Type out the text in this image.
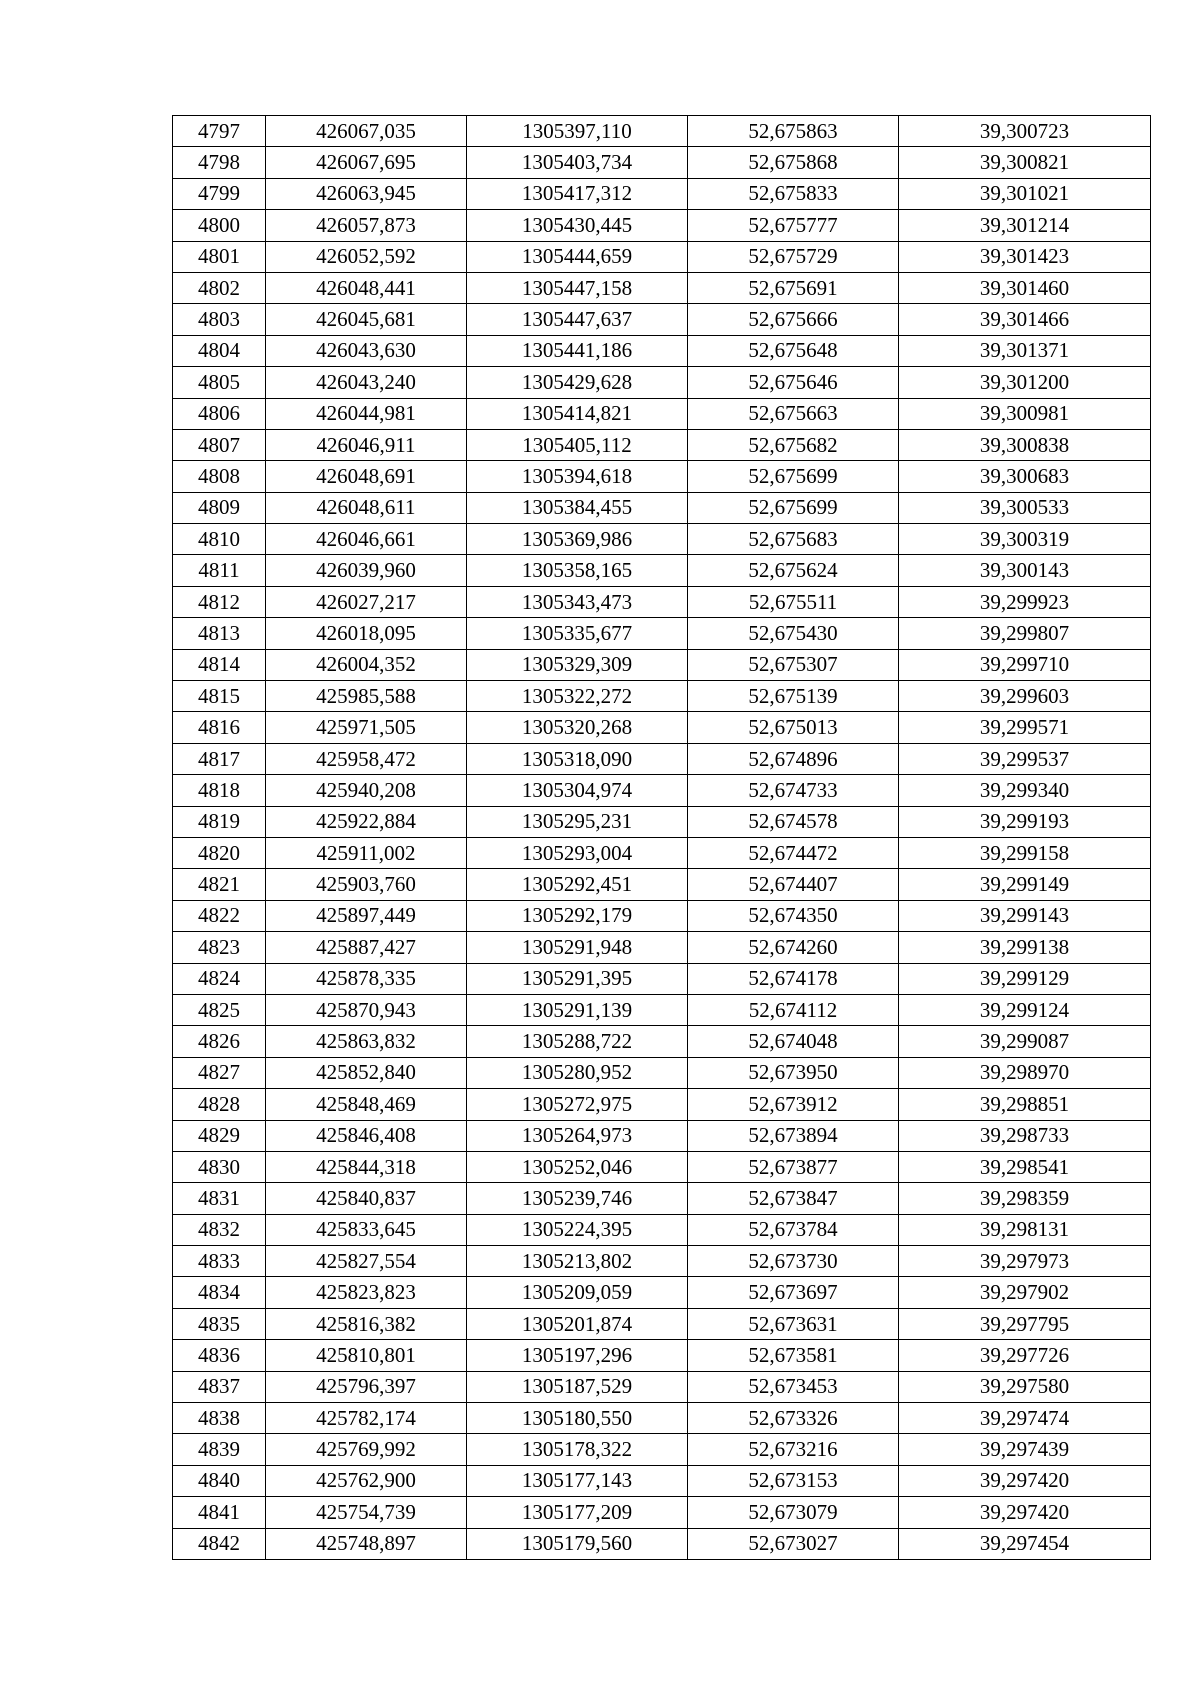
4797	426067,035	1305397,110	52,675863	39,300723
4798	426067,695	1305403,734	52,675868	39,300821
4799	426063,945	1305417,312	52,675833	39,301021
4800	426057,873	1305430,445	52,675777	39,301214
4801	426052,592	1305444,659	52,675729	39,301423
4802	426048,441	1305447,158	52,675691	39,301460
4803	426045,681	1305447,637	52,675666	39,301466
4804	426043,630	1305441,186	52,675648	39,301371
4805	426043,240	1305429,628	52,675646	39,301200
4806	426044,981	1305414,821	52,675663	39,300981
4807	426046,911	1305405,112	52,675682	39,300838
4808	426048,691	1305394,618	52,675699	39,300683
4809	426048,611	1305384,455	52,675699	39,300533
4810	426046,661	1305369,986	52,675683	39,300319
4811	426039,960	1305358,165	52,675624	39,300143
4812	426027,217	1305343,473	52,675511	39,299923
4813	426018,095	1305335,677	52,675430	39,299807
4814	426004,352	1305329,309	52,675307	39,299710
4815	425985,588	1305322,272	52,675139	39,299603
4816	425971,505	1305320,268	52,675013	39,299571
4817	425958,472	1305318,090	52,674896	39,299537
4818	425940,208	1305304,974	52,674733	39,299340
4819	425922,884	1305295,231	52,674578	39,299193
4820	425911,002	1305293,004	52,674472	39,299158
4821	425903,760	1305292,451	52,674407	39,299149
4822	425897,449	1305292,179	52,674350	39,299143
4823	425887,427	1305291,948	52,674260	39,299138
4824	425878,335	1305291,395	52,674178	39,299129
4825	425870,943	1305291,139	52,674112	39,299124
4826	425863,832	1305288,722	52,674048	39,299087
4827	425852,840	1305280,952	52,673950	39,298970
4828	425848,469	1305272,975	52,673912	39,298851
4829	425846,408	1305264,973	52,673894	39,298733
4830	425844,318	1305252,046	52,673877	39,298541
4831	425840,837	1305239,746	52,673847	39,298359
4832	425833,645	1305224,395	52,673784	39,298131
4833	425827,554	1305213,802	52,673730	39,297973
4834	425823,823	1305209,059	52,673697	39,297902
4835	425816,382	1305201,874	52,673631	39,297795
4836	425810,801	1305197,296	52,673581	39,297726
4837	425796,397	1305187,529	52,673453	39,297580
4838	425782,174	1305180,550	52,673326	39,297474
4839	425769,992	1305178,322	52,673216	39,297439
4840	425762,900	1305177,143	52,673153	39,297420
4841	425754,739	1305177,209	52,673079	39,297420
4842	425748,897	1305179,560	52,673027	39,297454
